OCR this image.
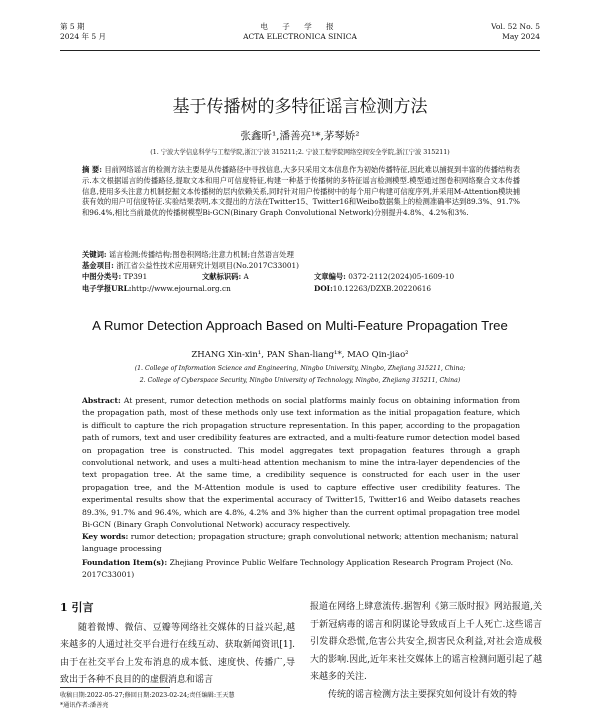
第 5 期
2024 年 5 月
电 子 学 报
ACTA ELECTRONICA SINICA
Vol. 52 No. 5
May 2024
基于传播树的多特征谣言检测方法
张鑫昕¹,潘善亮¹*,茅琴娇²
(1. 宁波大学信息科学与工程学院,浙江宁波 315211;2. 宁波工程学院网络空间安全学院,浙江宁波 315211)
摘 要: 目前网络谣言的检测方法主要是从传播路径中寻找信息,大多只采用文本信息作为初始传播特征,因此难以捕捉到丰富的传播结构表示.本文根据谣言的传播路径,提取文本和用户可信度特征,构建一种基于传播树的多特征谣言检测模型.模型通过图卷积网络聚合文本传播信息,使用多头注意力机制挖掘文本传播树的层内依赖关系,同时针对用户传播树中的每个用户构建可信度序列,并采用M-Attention模块捕获有效的用户可信度特征.实验结果表明,本文提出的方法在Twitter15、Twitter16和Weibo数据集上的检测准确率达到89.3%、91.7%和96.4%,相比当前最优的传播树模型Bi-GCN(Binary Graph Convolutional Network)分别提升4.8%、4.2%和3%.
关键词: 谣言检测;传播结构;图卷积网络;注意力机制;自然语言处理
基金项目: 浙江省公益性技术应用研究计划项目(No.2017C33001)
中图分类号: TP391	文献标识码: A	文章编号: 0372-2112(2024)05-1609-10
电子学报URL:http://www.ejournal.org.cn	DOI:10.12263/DZXB.20220616
A Rumor Detection Approach Based on Multi-Feature Propagation Tree
ZHANG Xin-xin¹, PAN Shan-liang¹*, MAO Qin-jiao²
(1. College of Information Science and Engineering, Ningbo University, Ningbo, Zhejiang 315211, China;
2. College of Cyberspace Security, Ningbo University of Technology, Ningbo, Zhejiang 315211, China)
Abstract: At present, rumor detection methods on social platforms mainly focus on obtaining information from the propagation path, most of these methods only use text information as the initial propagation feature, which is difficult to capture the rich propagation structure representation. In this paper, according to the propagation path of rumors, text and user credibility features are extracted, and a multi-feature rumor detection model based on propagation tree is constructed. This model aggregates text propagation features through a graph convolutional network, and uses a multi-head attention mechanism to mine the intra-layer dependencies of the text propagation tree. At the same time, a credibility sequence is constructed for each user in the user propagation tree, and the M-Attention module is used to capture effective user credibility features. The experimental results show that the experimental accuracy of Twitter15, Twitter16 and Weibo datasets reaches 89.3%, 91.7% and 96.4%, which are 4.8%, 4.2% and 3% higher than the current optimal propagation tree model Bi-GCN (Binary Graph Convolutional Network) accuracy respectively.
Key words: rumor detection; propagation structure; graph convolutional network; attention mechanism; natural language processing
Foundation Item(s): Zhejiang Province Public Welfare Technology Application Research Program Project (No. 2017C33001)
1 引言
随着微博、微信、豆瓣等网络社交媒体的日益兴起,越来越多的人通过社交平台进行在线互动、获取新闻资讯[1].由于在社交平台上发布消息的成本低、速度快、传播广,导致出于各种不良目的的虚假消息和谣言
报道在网络上肆意流传.据智利《第三版时报》网站报道,关于新冠病毒的谣言和阴谋论导致成百上千人死亡.这些谣言引发群众恐慌,危害公共安全,损害民众利益,对社会造成极大的影响.因此,近年来社交媒体上的谣言检测问题引起了越来越多的关注.
传统的谣言检测方法主要探究如何设计有效的特
收稿日期:2022-05-27;修回日期:2023-02-24;责任编辑:王天慧
*通讯作者:潘善亮
